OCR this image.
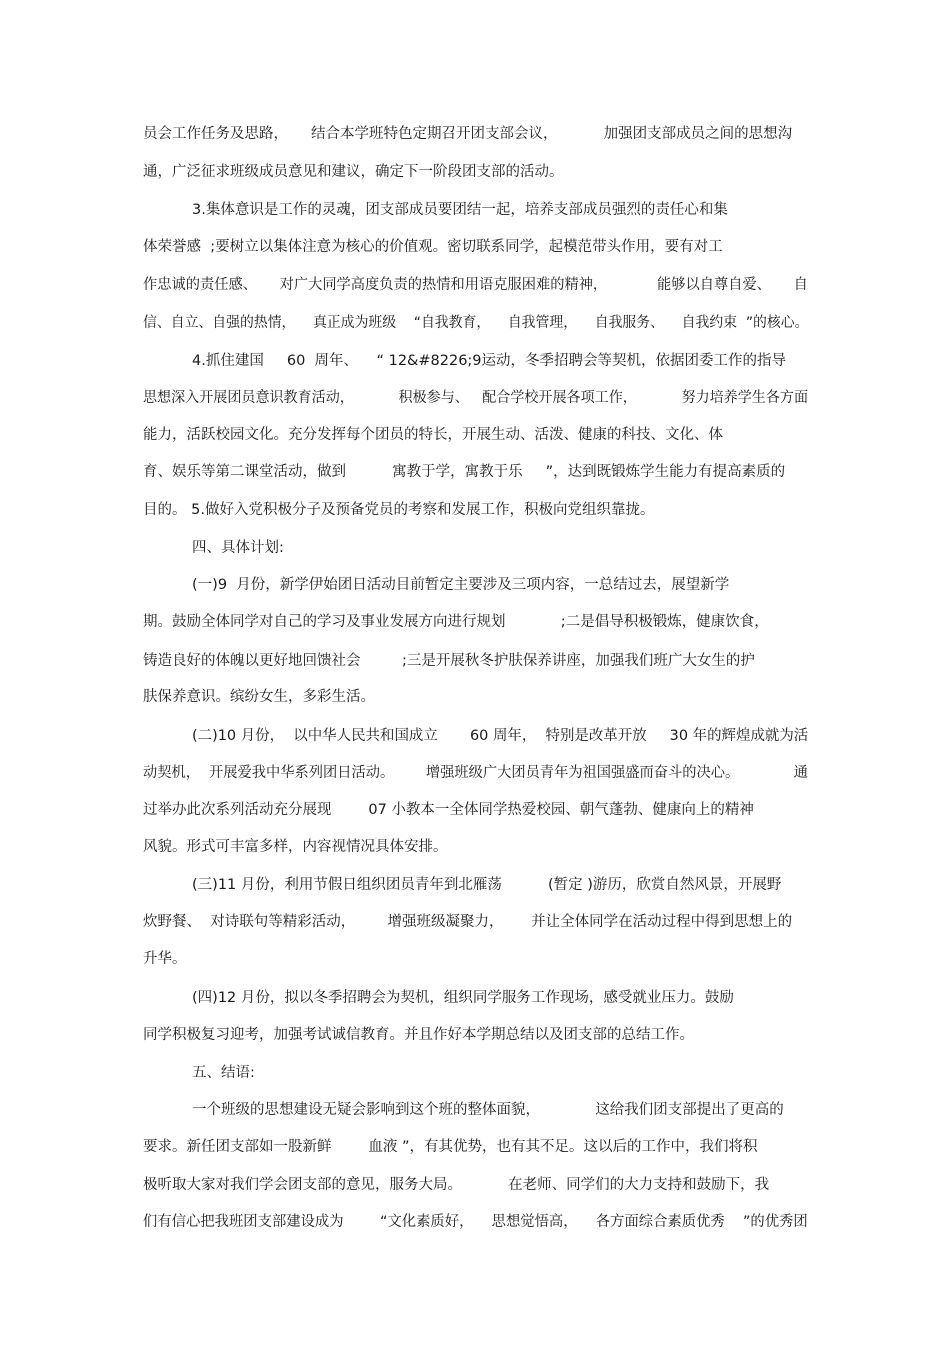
员会工作任务及思路，     结合本学班特色定期召开团支部会议，          加强团支部成员之间的思想沟
通，广泛征求班级成员意见和建议，确定下一阶段团支部的活动。
3.集体意识是工作的灵魂，团支部成员要团结一起，培养支部成员强烈的责任心和集
体荣誉感  ;要树立以集体注意为核心的价值观。密切联系同学，起模范带头作用，要有对工
作忠诚的责任感、     对广大同学高度负责的热情和用语克服困难的精神，           能够以自尊自爱、     自
信、自立、自强的热情，    真正成为班级    “自我教育，    自我管理，    自我服务、    自我约束  ”的核心。
4.抓住建国     60  周年、    “ 12&#8226;9运动，冬季招聘会等契机，依据团委工作的指导
思想深入开展团员意识教育活动，          积极参与、   配合学校开展各项工作，          努力培养学生各方面
能力，活跃校园文化。充分发挥每个团员的特长，开展生动、活泼、健康的科技、文化、体
育、娱乐等第二课堂活动，做到          寓教于学，寓教于乐     ”，达到既锻炼学生能力有提高素质的
目的。 5.做好入党积极分子及预备党员的考察和发展工作，积极向党组织靠拢。
四、具体计划:
(一)9  月份，新学伊始团日活动目前暂定主要涉及三项内容，一总结过去，展望新学
期。鼓励全体同学对自己的学习及事业发展方向进行规划            ;二是倡导积极锻炼，健康饮食，
铸造良好的体魄以更好地回馈社会         ;三是开展秋冬护肤保养讲座，加强我们班广大女生的护
肤保养意识。缤纷女生，多彩生活。
(二)10 月份，  以中华人民共和国成立       60 周年，  特别是改革开放     30 年的辉煌成就为活
动契机，  开展爱我中华系列团日活动。       增强班级广大团员青年为祖国强盛而奋斗的决心。            通
过举办此次系列活动充分展现        07 小教本一全体同学热爱校园、朝气蓬勃、健康向上的精神
风貌。形式可丰富多样，内容视情况具体安排。
(三)11 月份，利用节假日组织团员青年到北雁荡          (暂定 )游历，欣赏自然风景，开展野
炊野餐、  对诗联句等精彩活动，       增强班级凝聚力，      并让全体同学在活动过程中得到思想上的
升华。
(四)12 月份，拟以冬季招聘会为契机，组织同学服务工作现场，感受就业压力。鼓励
同学积极复习迎考，加强考试诚信教育。并且作好本学期总结以及团支部的总结工作。
五、结语:
一个班级的思想建设无疑会影响到这个班的整体面貌，            这给我们团支部提出了更高的
要求。新任团支部如一股新鲜        血液 ”，有其优势，也有其不足。这以后的工作中，我们将积
极听取大家对我们学会团支部的意见，服务大局。          在老师、同学们的大力支持和鼓励下，我
们有信心把我班团支部建设成为        “文化素质好，    思想觉悟高，    各方面综合素质优秀    ”的优秀团
